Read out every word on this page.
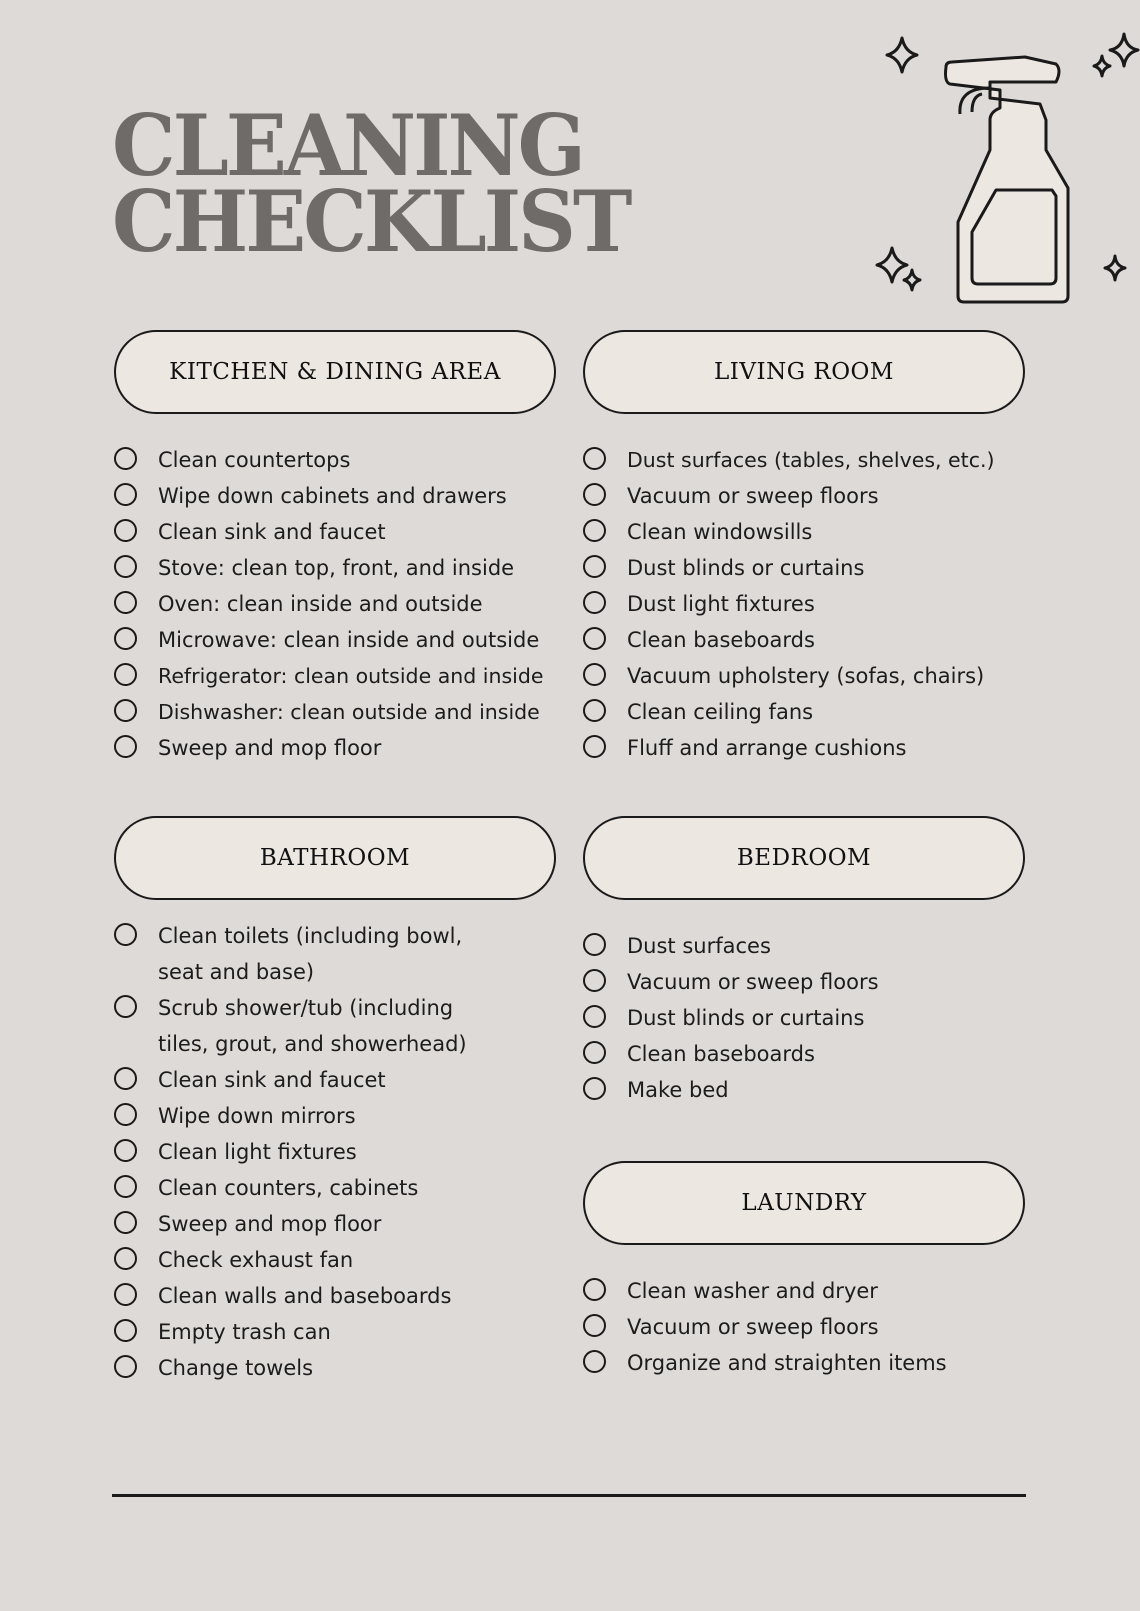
CLEANING
CHECKLIST
KITCHEN & DINING AREA
Clean countertops
Wipe down cabinets and drawers
Clean sink and faucet
Stove: clean top, front, and inside
Oven: clean inside and outside
Microwave: clean inside and outside
Refrigerator: clean outside and inside
Dishwasher: clean outside and inside
Sweep and mop floor
LIVING ROOM
Dust surfaces (tables, shelves, etc.)
Vacuum or sweep floors
Clean windowsills
Dust blinds or curtains
Dust light fixtures
Clean baseboards
Vacuum upholstery (sofas, chairs)
Clean ceiling fans
Fluff and arrange cushions
BATHROOM
Clean toilets (including bowl, seat and base)
Scrub shower/tub (including tiles, grout, and showerhead)
Clean sink and faucet
Wipe down mirrors
Clean light fixtures
Clean counters, cabinets
Sweep and mop floor
Check exhaust fan
Clean walls and baseboards
Empty trash can
Change towels
BEDROOM
Dust surfaces
Vacuum or sweep floors
Dust blinds or curtains
Clean baseboards
Make bed
LAUNDRY
Clean washer and dryer
Vacuum or sweep floors
Organize and straighten items
